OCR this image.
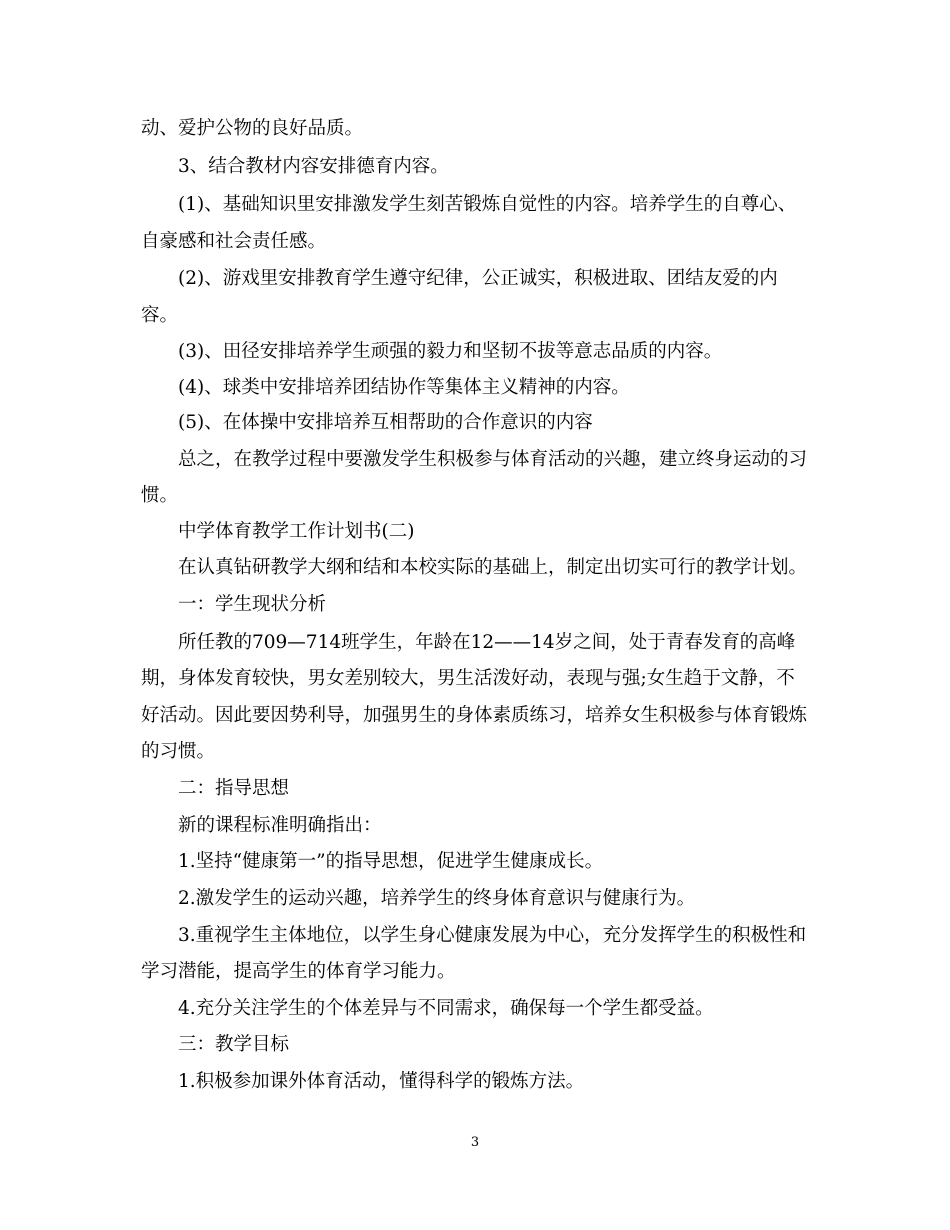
动、爱护公物的良好品质。
3、结合教材内容安排德育内容。
(1)、基础知识里安排激发学生刻苦锻炼自觉性的内容。培养学生的自尊心、
自豪感和社会责任感。
(2)、游戏里安排教育学生遵守纪律，公正诚实，积极进取、团结友爱的内
容。
(3)、田径安排培养学生顽强的毅力和坚韧不拔等意志品质的内容。
(4)、球类中安排培养团结协作等集体主义精神的内容。
(5)、在体操中安排培养互相帮助的合作意识的内容
总之，在教学过程中要激发学生积极参与体育活动的兴趣，建立终身运动的习
惯。
中学体育教学工作计划书(二)
在认真钻研教学大纲和结和本校实际的基础上，制定出切实可行的教学计划。
一：学生现状分析
所任教的709—714班学生，年龄在12——14岁之间，处于青春发育的高峰
期，身体发育较快，男女差别较大，男生活泼好动，表现与强;女生趋于文静，不
好活动。因此要因势利导，加强男生的身体素质练习，培养女生积极参与体育锻炼
的习惯。
二：指导思想
新的课程标准明确指出：
1.坚持“健康第一”的指导思想，促进学生健康成长。
2.激发学生的运动兴趣，培养学生的终身体育意识与健康行为。
3.重视学生主体地位，以学生身心健康发展为中心，充分发挥学生的积极性和
学习潜能，提高学生的体育学习能力。
4.充分关注学生的个体差异与不同需求，确保每一个学生都受益。
三：教学目标
1.积极参加课外体育活动，懂得科学的锻炼方法。
3
